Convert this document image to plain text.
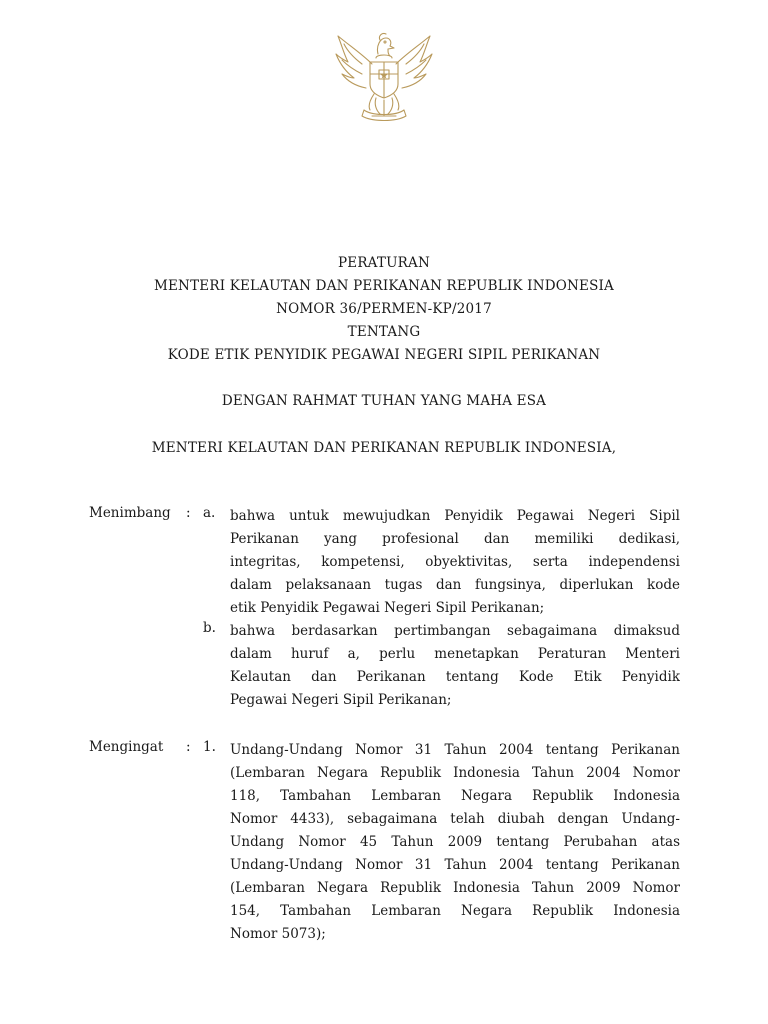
PERATURAN
MENTERI KELAUTAN DAN PERIKANAN REPUBLIK INDONESIA
NOMOR 36/PERMEN-KP/2017
TENTANG
KODE ETIK PENYIDIK PEGAWAI NEGERI SIPIL PERIKANAN
DENGAN RAHMAT TUHAN YANG MAHA ESA
MENTERI KELAUTAN DAN PERIKANAN REPUBLIK INDONESIA,
Menimbang : a. bahwa untuk mewujudkan Penyidik Pegawai Negeri Sipil
Perikanan yang profesional dan memiliki dedikasi,
integritas, kompetensi, obyektivitas, serta independensi
dalam pelaksanaan tugas dan fungsinya, diperlukan kode
etik Penyidik Pegawai Negeri Sipil Perikanan;
b. bahwa berdasarkan pertimbangan sebagaimana dimaksud
dalam huruf a, perlu menetapkan Peraturan Menteri
Kelautan dan Perikanan tentang Kode Etik Penyidik
Pegawai Negeri Sipil Perikanan;
Mengingat : 1. Undang-Undang Nomor 31 Tahun 2004 tentang Perikanan
(Lembaran Negara Republik Indonesia Tahun 2004 Nomor
118, Tambahan Lembaran Negara Republik Indonesia
Nomor 4433), sebagaimana telah diubah dengan Undang-
Undang Nomor 45 Tahun 2009 tentang Perubahan atas
Undang-Undang Nomor 31 Tahun 2004 tentang Perikanan
(Lembaran Negara Republik Indonesia Tahun 2009 Nomor
154, Tambahan Lembaran Negara Republik Indonesia
Nomor 5073);
